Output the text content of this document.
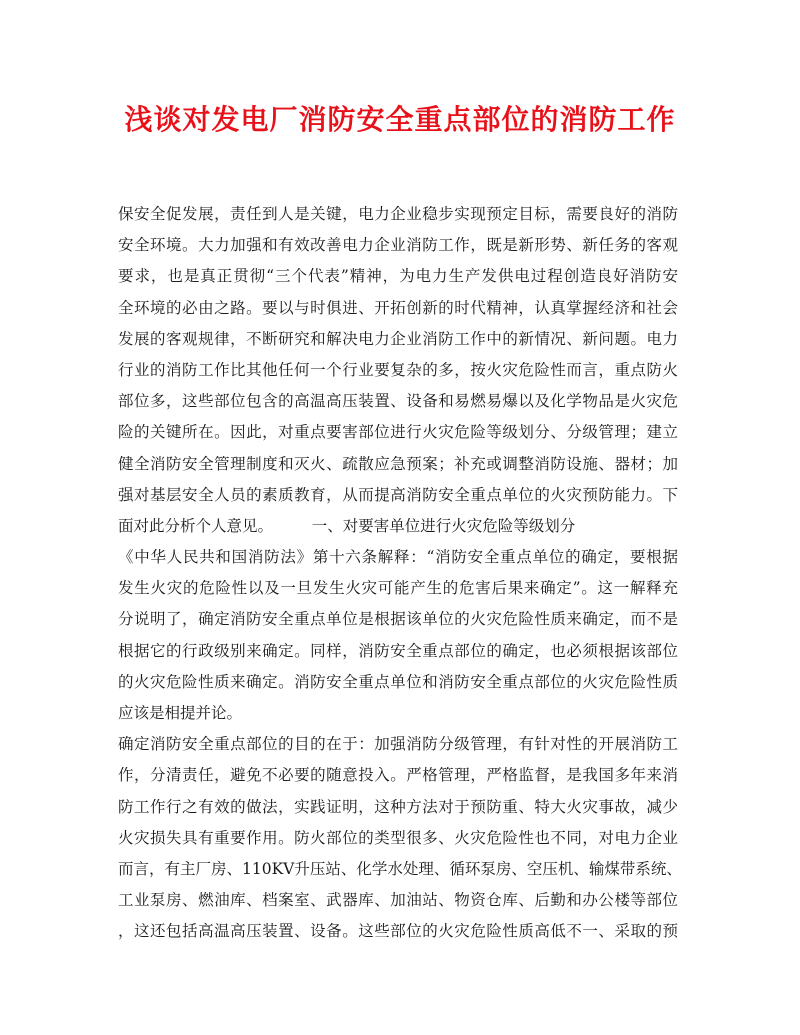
浅谈对发电厂消防安全重点部位的消防工作
保安全促发展，责任到人是关键，电力企业稳步实现预定目标，需要良好的消防
安全环境。大力加强和有效改善电力企业消防工作，既是新形势、新任务的客观
要求，也是真正贯彻“三个代表”精神，为电力生产发供电过程创造良好消防安
全环境的必由之路。要以与时俱进、开拓创新的时代精神，认真掌握经济和社会
发展的客观规律，不断研究和解决电力企业消防工作中的新情况、新问题。电力
行业的消防工作比其他任何一个行业要复杂的多，按火灾危险性而言，重点防火
部位多，这些部位包含的高温高压装置、设备和易燃易爆以及化学物品是火灾危
险的关键所在。因此，对重点要害部位进行火灾危险等级划分、分级管理；建立
健全消防安全管理制度和灭火、疏散应急预案；补充或调整消防设施、器材；加
强对基层安全人员的素质教育，从而提高消防安全重点单位的火灾预防能力。下
面对此分析个人意见。　　　一、对要害单位进行火灾危险等级划分
《中华人民共和国消防法》第十六条解释：“消防安全重点单位的确定，要根据
发生火灾的危险性以及一旦发生火灾可能产生的危害后果来确定”。这一解释充
分说明了，确定消防安全重点单位是根据该单位的火灾危险性质来确定，而不是
根据它的行政级别来确定。同样，消防安全重点部位的确定，也必须根据该部位
的火灾危险性质来确定。消防安全重点单位和消防安全重点部位的火灾危险性质
应该是相提并论。
确定消防安全重点部位的目的在于：加强消防分级管理，有针对性的开展消防工
作，分清责任，避免不必要的随意投入。严格管理，严格监督，是我国多年来消
防工作行之有效的做法，实践证明，这种方法对于预防重、特大火灾事故，减少
火灾损失具有重要作用。防火部位的类型很多、火灾危险性也不同，对电力企业
而言，有主厂房、110KV升压站、化学水处理、循环泵房、空压机、输煤带系统、
工业泵房、燃油库、档案室、武器库、加油站、物资仓库、后勤和办公楼等部位
，这还包括高温高压装置、设备。这些部位的火灾危险性质高低不一、采取的预
